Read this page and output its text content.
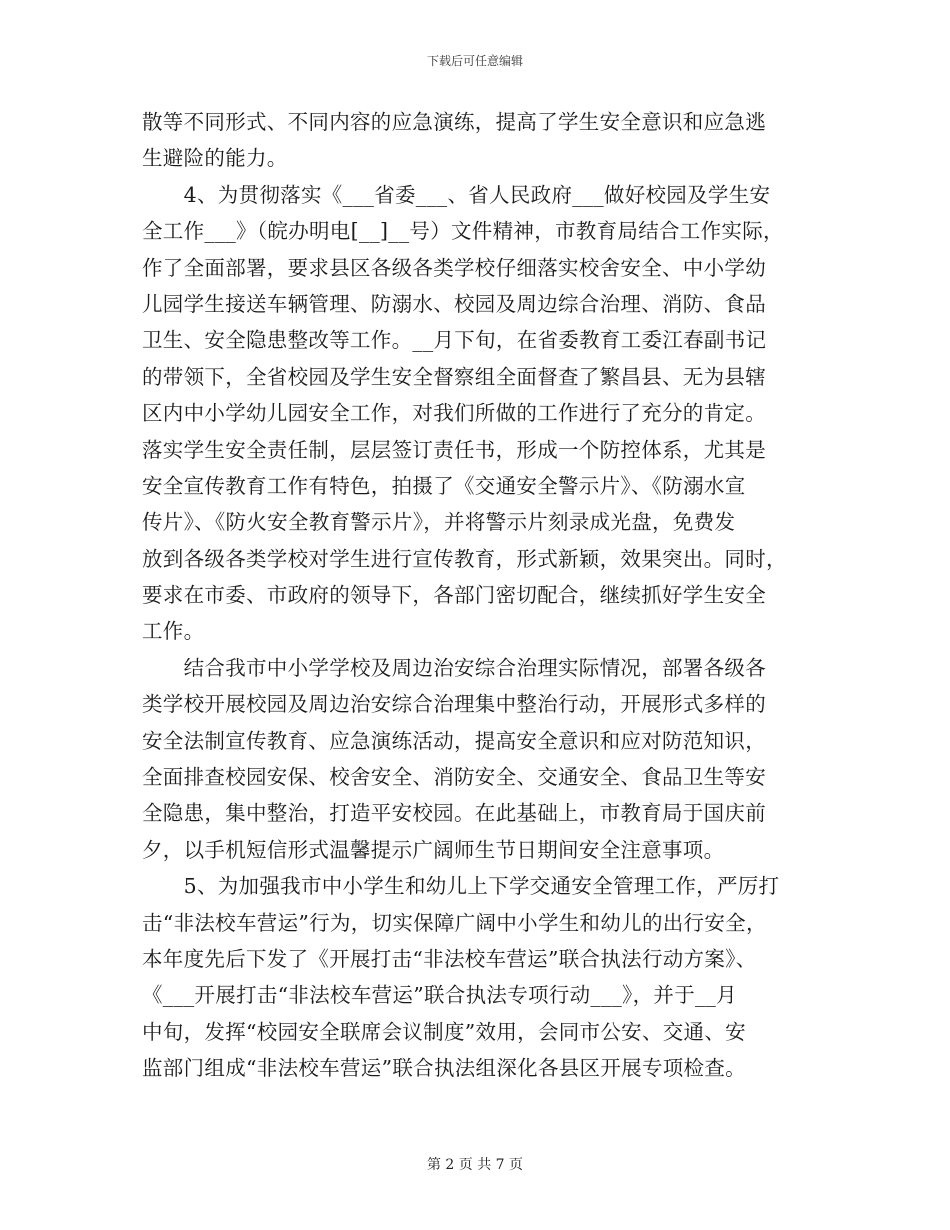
下载后可任意编辑
散等不同形式、不同内容的应急演练，提高了学生安全意识和应急逃
生避险的能力。
　　4、为贯彻落实《___省委___、省人民政府___做好校园及学生安
全工作___》（皖办明电[__]__号）文件精神，市教育局结合工作实际，
作了全面部署，要求县区各级各类学校仔细落实校舍安全、中小学幼
儿园学生接送车辆管理、防溺水、校园及周边综合治理、消防、食品
卫生、安全隐患整改等工作。__月下旬，在省委教育工委江春副书记
的带领下，全省校园及学生安全督察组全面督查了繁昌县、无为县辖
区内中小学幼儿园安全工作，对我们所做的工作进行了充分的肯定。
落实学生安全责任制，层层签订责任书，形成一个防控体系，尤其是
安全宣传教育工作有特色，拍摄了《交通安全警示片》、《防溺水宣
传片》、《防火安全教育警示片》，并将警示片刻录成光盘，免费发
放到各级各类学校对学生进行宣传教育，形式新颖，效果突出。同时，
要求在市委、市政府的领导下，各部门密切配合，继续抓好学生安全
工作。
　　结合我市中小学学校及周边治安综合治理实际情况，部署各级各
类学校开展校园及周边治安综合治理集中整治行动，开展形式多样的
安全法制宣传教育、应急演练活动，提高安全意识和应对防范知识，
全面排查校园安保、校舍安全、消防安全、交通安全、食品卫生等安
全隐患，集中整治，打造平安校园。在此基础上，市教育局于国庆前
夕，以手机短信形式温馨提示广阔师生节日期间安全注意事项。
　　5、为加强我市中小学生和幼儿上下学交通安全管理工作，严厉打
击“非法校车营运”行为，切实保障广阔中小学生和幼儿的出行安全，
本年度先后下发了《开展打击“非法校车营运”联合执法行动方案》、
《___开展打击“非法校车营运”联合执法专项行动___》，并于__月
中旬，发挥“校园安全联席会议制度”效用，会同市公安、交通、安
监部门组成“非法校车营运”联合执法组深化各县区开展专项检查。
第 2 页 共 7 页
